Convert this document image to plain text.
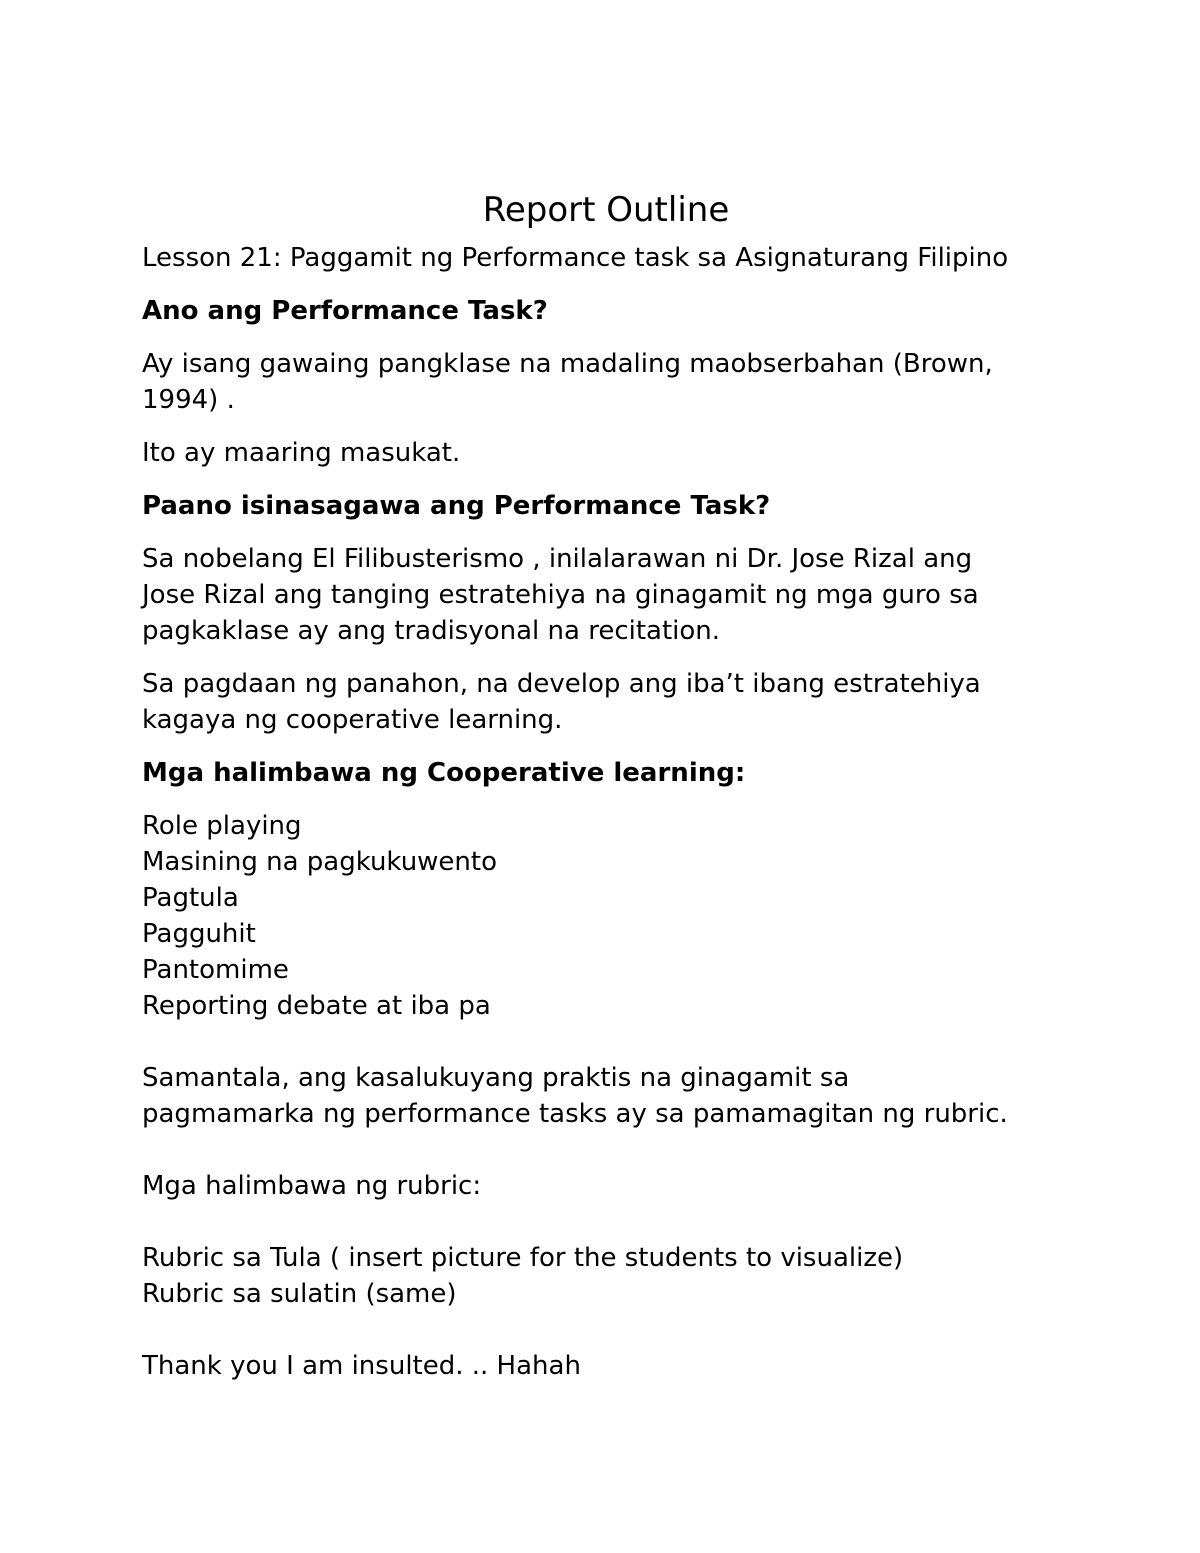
Report Outline

Lesson 21: Paggamit ng Performance task sa Asignaturang Filipino

Ano ang Performance Task?

Ay isang gawaing pangklase na madaling maobserbahan (Brown,
1994) .

Ito ay maaring masukat.

Paano isinasagawa ang Performance Task?

Sa nobelang El Filibusterismo , inilalarawan ni Dr. Jose Rizal ang
Jose Rizal ang tanging estratehiya na ginagamit ng mga guro sa
pagkaklase ay ang tradisyonal na recitation.

Sa pagdaan ng panahon, na develop ang iba’t ibang estratehiya
kagaya ng cooperative learning.

Mga halimbawa ng Cooperative learning:
Role playing
Masining na pagkukuwento
Pagtula
Pagguhit
Pantomime
Reporting debate at iba pa
Samantala, ang kasalukuyang praktis na ginagamit sa
pagmamarka ng performance tasks ay sa pamamagitan ng rubric.
Mga halimbawa ng rubric:
Rubric sa Tula ( insert picture for the students to visualize)
Rubric sa sulatin (same)
Thank you I am insulted. .. Hahah
